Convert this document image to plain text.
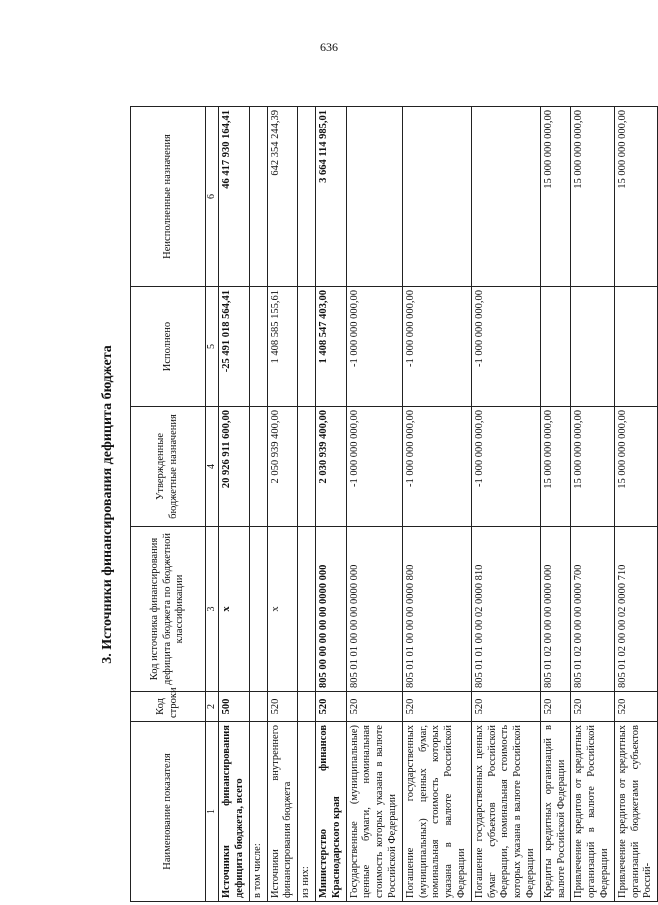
636
3. Источники финансирования дефицита бюджета
Наименование показателя	Код строки	Код источника финансирования дефицита бюджета по бюджетной классификации	Утвержденные бюджетные назначения	Исполнено	Неисполненные назначения
1	2	3	4	5	6
Источники финансирования дефицита бюджета, всего	500	x	20 926 911 600,00	-25 491 018 564,41	46 417 930 164,41
в том числе:					
Источники внутреннего финансирования бюджета	520	x	2 050 939 400,00	1 408 585 155,61	642 354 244,39
из них:					
Министерство финансов Краснодарского края	520	805 00 00 00 00 00 0000 000	2 030 939 400,00	1 408 547 403,00	3 664 114 985,01
Государственные (муниципальные) ценные бумаги, номинальная стоимость которых указана в валюте Российской Федерации	520	805 01 01 00 00 00 0000 000	-1 000 000 000,00	-1 000 000 000,00	
Погашение государственных (муниципальных) ценных бумаг, номинальная стоимость которых указана в валюте Российской Федерации	520	805 01 01 00 00 00 0000 800	-1 000 000 000,00	-1 000 000 000,00	
Погашение государственных ценных бумаг субъектов Российской Федерации, номинальная стоимость которых указана в валюте Российской Федерации	520	805 01 01 00 00 02 0000 810	-1 000 000 000,00	-1 000 000 000,00	
Кредиты кредитных организаций в валюте Российской Федерации	520	805 01 02 00 00 00 0000 000	15 000 000 000,00		15 000 000 000,00
Привлечение кредитов от кредитных организаций в валюте Российской Федерации	520	805 01 02 00 00 00 0000 700	15 000 000 000,00		15 000 000 000,00
Привлечение кредитов от кредитных организаций бюджетами субъектов Россий-	520	805 01 02 00 00 02 0000 710	15 000 000 000,00		15 000 000 000,00
